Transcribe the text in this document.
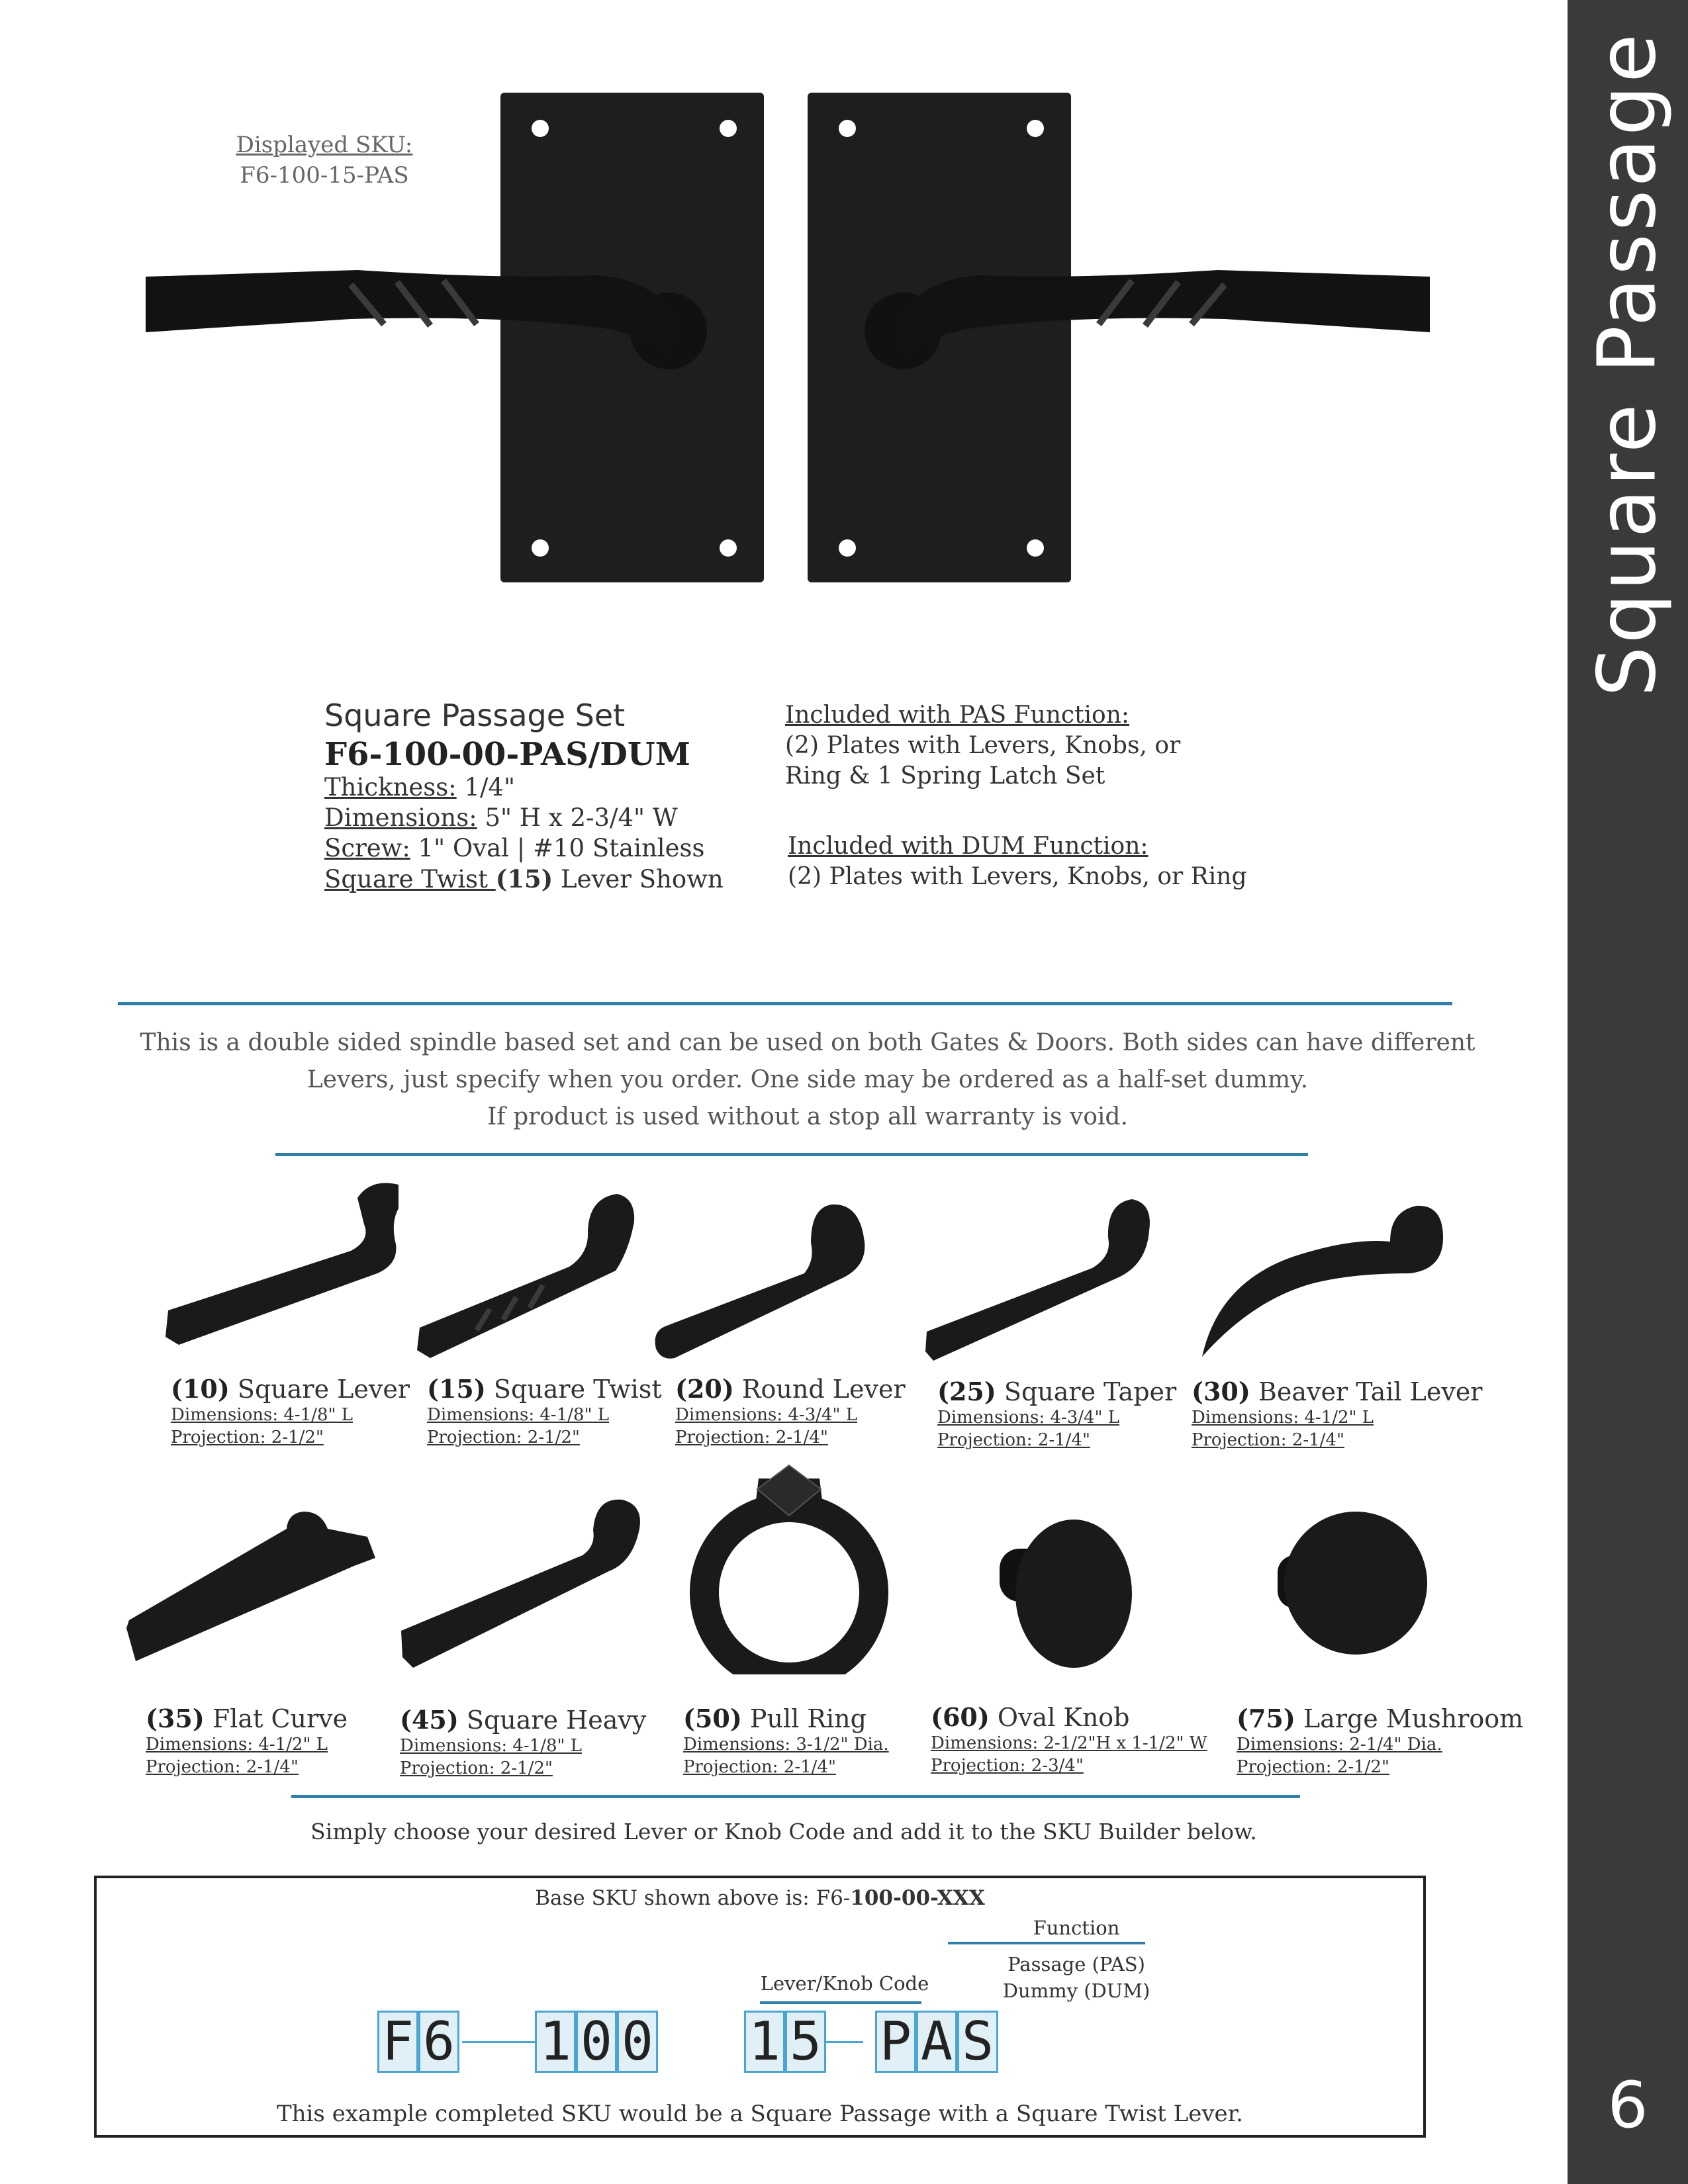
Square Passage
6
Displayed SKU:
F6-100-15-PAS
Square Passage Set
F6-100-00-PAS/DUM
Thickness: 1/4"
Dimensions: 5" H x 2-3/4" W
Screw: 1" Oval | #10 Stainless
Square Twist (15) Lever Shown
Included with PAS Function:
(2) Plates with Levers, Knobs, or
Ring & 1 Spring Latch Set
Included with DUM Function:
(2) Plates with Levers, Knobs, or Ring
This is a double sided spindle based set and can be used on both Gates & Doors. Both sides can have different
Levers, just specify when you order. One side may be ordered as a half-set dummy.
If product is used without a stop all warranty is void.
(10) Square Lever
Dimensions: 4-1/8" L
Projection: 2-1/2"
(15) Square Twist
Dimensions: 4-1/8" L
Projection: 2-1/2"
(20) Round Lever
Dimensions: 4-3/4" L
Projection: 2-1/4"
(25) Square Taper
Dimensions: 4-3/4" L
Projection: 2-1/4"
(30) Beaver Tail Lever
Dimensions: 4-1/2" L
Projection: 2-1/4"
(35) Flat Curve
Dimensions: 4-1/2" L
Projection: 2-1/4"
(45) Square Heavy
Dimensions: 4-1/8" L
Projection: 2-1/2"
(50) Pull Ring
Dimensions: 3-1/2" Dia.
Projection: 2-1/4"
(60) Oval Knob
Dimensions: 2-1/2"H x 1-1/2" W
Projection: 2-3/4"
(75) Large Mushroom
Dimensions: 2-1/4" Dia.
Projection: 2-1/2"
Simply choose your desired Lever or Knob Code and add it to the SKU Builder below.
Base SKU shown above is: F6-100-00-XXX
Function
Passage (PAS)
Dummy (DUM)
Lever/Knob Code
F 6 1 0 0 1 5 P A S
This example completed SKU would be a Square Passage with a Square Twist Lever.
